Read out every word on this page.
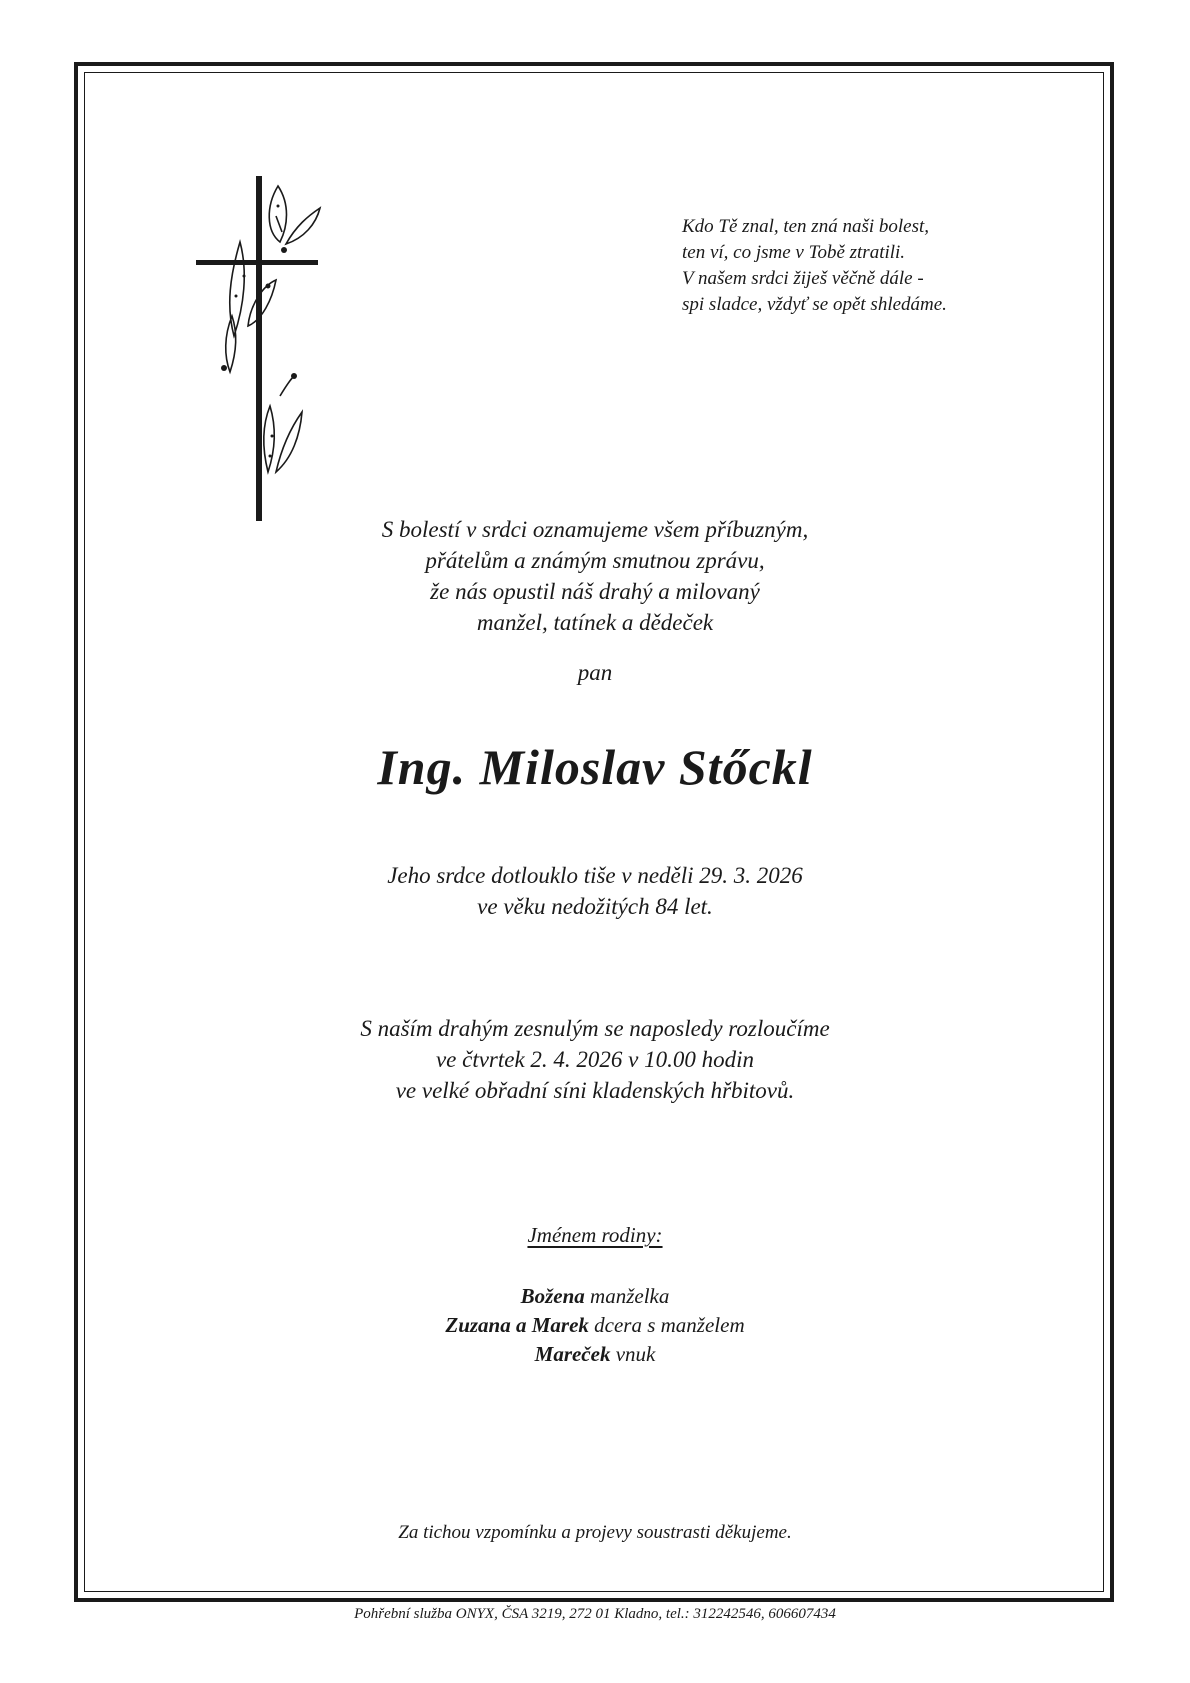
Kdo Tě znal, ten zná naši bolest,
ten ví, co jsme v Tobě ztratili.
V našem srdci žiješ věčně dále -
spi sladce, vždyť se opět shledáme.
S bolestí v srdci oznamujeme všem příbuzným,
přátelům a známým smutnou zprávu,
že nás opustil náš drahý a milovaný
manžel, tatínek a dědeček
pan
Ing. Miloslav Stőckl
Jeho srdce dotlouklo tiše v neděli 29. 3. 2026
ve věku nedožitých 84 let.
S naším drahým zesnulým se naposledy rozloučíme
ve čtvrtek 2. 4. 2026 v 10.00 hodin
ve velké obřadní síni kladenských hřbitovů.
Jménem rodiny:
Božena manželka
Zuzana a Marek dcera s manželem
Mareček vnuk
Za tichou vzpomínku a projevy soustrasti děkujeme.
Pohřební služba ONYX, ČSA 3219, 272 01 Kladno, tel.: 312242546, 606607434
